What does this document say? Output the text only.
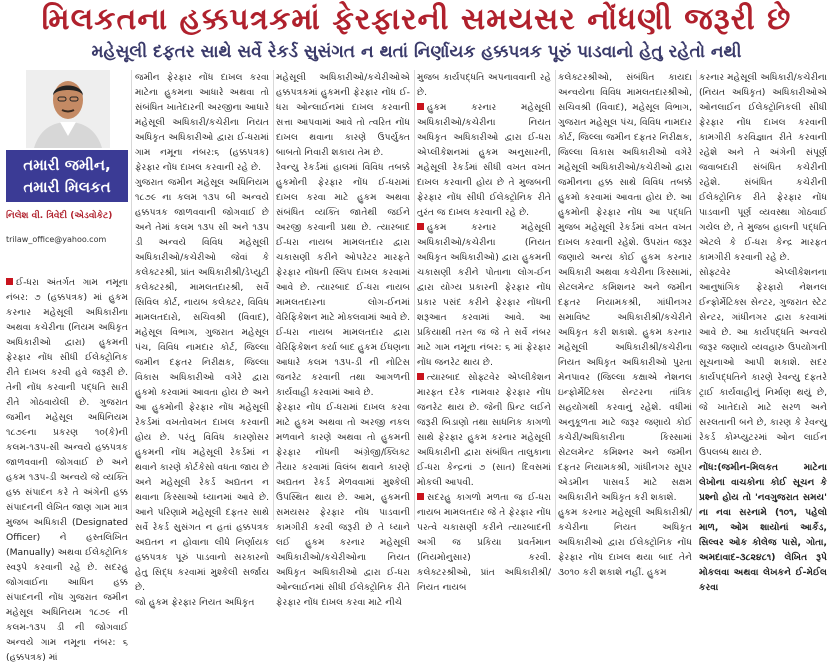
મિલકતના હક્કપત્રકમાં ફેરફારની સમયસર નોંધણી જરૂરી છે
મહેસૂલી દફતર સાથે સર્વે રેકર્ડ સુસંગત ન થતાં નિર્ણાયક હક્કપત્રક પૂરું પાડવાનો હેતુ રહેતો નથી
તમારી જમીન, તમારી મિલકત
નિલેશ વી. ત્રિવેદી (એડવોકેટ)
trilaw_office@yahoo.com

ઈ-ધરા અંતર્ગત ગામ નમૂના નંબર: ૭ (હક્કપત્રક) માં હુકમ કરનાર મહેસૂલી અધિકારીના અથવા કચેરીના (નિયમ અધિકૃત અધિકારીઓ દ્વારા) હુકમની ફેરફાર નોંધ સીધી ઈલેક્ટ્રોનિક રીતે દાખલ કરવી હવે જરૂરી છે. તેની નોંધ કરવાની પદ્ધતિ સારી રીતે ગોઠવાયેલી છે. ગુજરાત જમીન મહેસૂલ અધિનિયમ ૧૮૭૯ના પ્રકરણ ૧૦(કે)ની કલમ-૧૩૫-સી અન્વયે હક્કપત્રક જાળવવાની જોગવાઈ છે અને હકમ ૧૩૫-ડી અન્વયે જે વ્યક્તિ હક્ક સંપાદન કરે તે અંગેની હક્ક સંપાદનની લેખિત જાણ ગામ માત્ર મુજબ અધિકારી (Designated Officer) ને હસ્તલિખિત (Manually) અથવા ઈલેક્ટ્રોનિક સ્વરૂપે કરવાની રહે છે. સદરહુ જોગવાઈના આધિન હક્ક સંપાદનની નોંધ ગુજરાત જમીન મહેસૂલ અધિનિયમ ૧૮૭૯ ની કલમ-૧૩૫ ડી ની જોગવાઈ અન્વયે ગામ નમૂના નંબર: ૬ (હક્કપત્રક) માં

જમીન ફેરફાર નોંધ દાખલ કરવા માટેના હુકમના આધારે અથવા તો સંબંધિત ખાતેદારની અરજીના આધારે મહેસૂલી અધિકારી/કચેરીના નિયત અધિકૃત અધિકારીઓ દ્વારા ઈ-ધરામાં ગામ નમૂના નંબર:૬ (હક્કપત્રક) ફેરફાર નોંધ દાખલ કરવાની રહે છે.

ગુજરાત જમીન મહેસૂલ અધિનિયમ ૧૮૭૯ ના કલમ ૧૩૫ બી અન્વયે હક્કપત્રક જાળવવાની જોગવાઈ છે અને તેમાં કલમ ૧૩૫ સી અને ૧૩૫ ડી અન્વયે વિવિધ મહેસૂલી અધિકારીઓ/કચેરીઓ જેવાં કે કલેક્ટરશ્રી, પ્રાંત અધિકારીશ્રી/ડેપ્યુટી કલેક્ટરશ્રી, મામલતદારશ્રી, સર્વે સિવિલ કોર્ટ, નાયબ કલેક્ટર, વિવિધ મામલતદારો, સચિવશ્રી (વિવાદ), મહેસૂલ વિભાગ, ગુજરાત મહેસૂલ પંચ, વિવિધ નામદાર કોર્ટ, જિલ્લા જમીન દફતર નિરીક્ષક, જિલ્લા વિકાસ અધિકારીઓ વગેરે દ્વારા હુકમો કરવામાં આવતા હોય છે અને આ હુકમોની ફેરફાર નોંધ મહેસૂલી રેકર્ડમાં વખતોવખત દાખલ કરવાની હોય છે. પરંતુ વિવિધ કારણોસર હુકમની નોંધ મહેસૂલી રેકર્ડમાં ન થવાને કારણે કોર્ટકેસો વધતા જાય છે અને મહેસૂલી રેકર્ડ અદ્યતન ન થવાના કિસ્સાઓ ધ્યાનમાં આવે છે. આને પરિણામે મહેસૂલી દફતર સાથે સર્વે રેકર્ડ સુસંગત ન હતાં હક્કપત્રક અદ્યતન ન હોવાના લીધે નિર્ણાયક હક્કપત્રક પૂરું પાડવાનો સરકારનો હેતુ સિદ્ધ કરવામાં મુશ્કેલી સર્જાય છે.

જો હુકમ ફેરફાર નિયત અધિકૃત

મહેસૂલી અધિકારીઓ/કચેરીઓએ હક્કપત્રકમાં હુકમની ફેરફાર નોંધ ઈ-ધરા ઓન્લાઈનમાં દાખલ કરવાની સત્તા આપવામાં આવે તો ત્વરિત નોંધ દાખલ થવાના કારણે ઉપર્યુક્ત બાબતો નિવારી શકાય તેમ છે.

રેવન્યુ રેકર્ડમાં હાલમાં વિવિધ તબક્કે હુકમોની ફેરફાર નોંધ ઈ-ધરામાં દાખલ કરવા માટે હુકમ અથવા સંબંધિત વ્યક્તિ જાતેથી જઈને અરજી કરવાની પ્રથા છે. ત્યારબાદ ઈ-ધરા નાયબ મામલતદાર દ્વારા ચકાસણી કરીને ઓપરેટર મારફતે ફેરફાર નોંધની સ્લિપ દાખલ કરવામાં આવે છે. ત્યારબાદ ઈ-ધરા નાયબ મામલતદારના લોગ-ઈનમાં વેરિફિકેશન માટે મોકલવામાં આવે છે. ઈ-ધરા નાયબ મામલતદાર દ્વારા વેરિફિકેશન કર્યા બાદ હુકમ ઈંધણના આધારે કલમ ૧૩૫-ડી ની નોટિસ જનરેટ કરવાની તથા આગળની કાર્યવાહી કરવામાં આવે છે.

ફેરફાર નોંધ ઈ-ધરામાં દાખલ કરવા માટે હુકમ અથવા તો અરજી નકલ મળવાને કારણે અથવા તો હુકમની ફેરફાર નોંધની અંગ્રેજી/ક્લિક્ટ તૈયાર કરવામાં વિલંબ થવાને કારણે અદ્યતન રેકર્ડ મેળવવામાં મુશ્કેલી ઉપસ્થિત થાય છે. આમ, હુકમની સમયસર ફેરફાર નોંધ પાડવાની કામગીરી કરવી જરૂરી છે તે ધ્યાને લઈ હુકમ કરનાર મહેસૂલી અધિકારીઓ/કચેરીઓના નિયત અધિકૃત અધિકારીઓ દ્વારા ઈ-ધરા ઓન્લાઈનમાં સીધી ઈલેક્ટ્રોનિક રીતે ફેરફાર નોંધ દાખલ કરવા માટે નીચે

મુજબ કાર્યપદ્ધતિ અપનાવવાની રહે છે.

હુકમ કરનાર મહેસૂલી અધિકારીઓ/કચેરીના નિયત અધિકૃત અધિકારીઓ દ્વારા ઈ-ધરા એપ્લીકેશનમાં હુકમ અનુસારની, મહેસૂલી રેકર્ડમાં સીધી વખત વખત દાખલ કરવાની હોય છે તે મુજબની ફેરફાર નોંધ સીધી ઈલેક્ટ્રોનિક રીતે તુરંત જ દાખલ કરવાની રહે છે.

હુકમ કરનાર મહેસૂલી અધિકારીઓ/કચેરીના (નિયત અધિકૃત અધિકારીઓ) દ્વારા હુકમની ચકાસણી કરીને પોતાના લોગ-ઈન દ્વારા યોગ્ય પ્રકારની ફેરફાર નોંધ પ્રકાર પસંદ કરીને ફેરફાર નોંધની શરૂઆત કરવામાં આવે. આ પ્રકિયાથી તરત જ જે તે સર્વે નંબર માટે ગામ નમૂના નંબર: ૬ માં ફેરફાર નોંધ જનરેટ થાય છે.

ત્યારબાદ સોફ્ટવેર એપ્લીકેશન મારફત દરેક નામવાર ફેરફાર નોંધ જનરેટ થાય છે. જેની પ્રિન્ટ લઈને જરૂરી બિડાણો તથા સાધનિક કાગળો સાથે ફેરફાર હુકમ કરનાર મહેસૂલી અધિકારીની દ્વારા સંબંધિત તાલુકાના ઈ-ધરા કેન્દ્રનાં ૭ (સાત) દિવસમાં મોકલી આપવી.

સદરહુ કાગળો મળતા જ ઈ-ધરા નાયબ મામલતદાર જે તે ફેરફાર નોંધ પરત્વે ચકાસણી કરીને ત્યારબાદની અગી જ પ્રકિયા પ્રવર્તમાન (નિયમોનુસાર) કરવી. કલેક્ટરશ્રીઓ, પ્રાંત અધિકારીશ્રી/નિયત નાયબ

કલેક્ટરશ્રીઓ, સંબંધિત કાયદા અન્વયેના વિવિધ મામલતદારશ્રીઓ, સચિવશ્રી (વિવાદ), મહેસૂલ વિભાગ, ગુજરાત મહેસૂલ પંચ, વિવિધ નામદાર કોર્ટ, જિલ્લા જમીન દફતર નિરીક્ષક, જિલ્લા વિકાસ અધિકારીઓ વગેરે મહેસૂલી અધિકારીઓ/કચેરીઓ દ્વારા જમીનના હક્ક સાથે વિવિધ તબક્કે હુકમો કરવામાં આવતા હોય છે. આ હુકમોની ફેરફાર નોંધ આ પદ્ધતિ મુજબ મહેસૂલી રેકર્ડમાં વખત વખત દાખલ કરવાની રહેશે. ઉપરાંત જરૂર જણાયે અન્ય કોઈ હુકમ કરનાર અધિકારી અથવા કચેરીના કિસ્સામાં, સેટલમેન્ટ કમિશનર અને જમીન દફતર નિયામકશ્રી, ગાંધીનગર સમાવિષ્ટ અધિકારીશ્રી/કચેરીને અધિકૃત કરી શકાશે. હુકમ કરનાર મહેસૂલી અધિકારીશ્રી/કચેરીના નિયત અધિકૃત અધિકારીઓ પુરતા મેનપાવર (જિલ્લા કક્ષાએ નેશનલ ઇન્ફોર્મેટિક્સ સેન્ટરના તાંત્રિક સહયોગથી કરવાનું રહેશે. વધીમાં અનુકૂળતા માટે જરૂર જણાયે કોઈ કચેરી/અધિકારીના કિસ્સામાં સેટલમેન્ટ કમિશ્નર અને જમીન દફતર નિયામકશ્રી, ગાંધીનગર સૂપર એડમીન પાસવર્ડ માટે સક્ષમ અધિકારીને અધિકૃત કરી શકાશે.

હુકમ કરનાર મહેસૂલી અધિકારીશ્રી/કચેરીના નિયત અધિકૃત અધિકારીઓ દ્વારા ઈલેક્ટ્રોનિક નોંધ ફેરફાર નોંધ દાખલ થયા બાદ તેને ૩૦૧૦ કરી શકાશે નહીં. હુકમ

કરનાર મહેસૂલી અધિકારી/કચેરીના (નિયત અધિકૃત) અધિકારીઓએ ઓનલાઈન ઈલેક્ટ્રોનિકલી સીધી ફેરફાર નોંધ દાખલ કરવાની કામગીરી કરવિજ્ઞાત રીતે કરવાની રહેશે અને તે અંગેની સંપૂર્ણ જવાબદારી સંબંધિત કચેરીની રહેશે. સંબંધિત કચેરીની ઈલેક્ટ્રોનિક રીતે ફેરફાર નોંધ પાડવાની પૂર્ણ વ્યવસ્થા ગોઠવાઈ ગયેલ છે, તે મુજબ હાલની પદ્ધતિ એટલે કે ઈ-ધરા કેન્દ્ર મારફત કામગીરી કરવાની રહે છે.

સોફ્ટવેર એપ્લીકેશનના આનુષાંગિક ફેરફારો નેશનલ ઈન્ફોર્મેટિક્સ સેન્ટર, ગુજરાત સ્ટેટ સેન્ટર, ગાંધીનગર દ્વારા કરવામાં આવે છે. આ કાર્યપદ્ધતિ અન્વયે જરૂર જણાયે વ્યવહારુ ઉપયોગની સૂચનાઓ આપી શકાશે. સદર કાર્યપદ્ધતિને કારણે રેવન્યુ દફતરે ટ્રાઈ કાર્યવાહીનું નિર્માણ થયું છે, જે ખાતેદારો માટે સરળ અને સરલતાની બને છે, કારણ કે રેવન્યુ રેકર્ડ કોમ્પ્યુટરમાં ઓન લાઈન ઉપલબ્ધ થાય છે.

નોંધ:(જમીન-મિલકત માટેના લેખોના વાચકોના કોઈ સૂચન કે પ્રશ્નો હોય તો 'નવગુજરાત સમય' ના નવા સરનામે (૧૦૧, પહેલો માળ, ઓમ શાયોનાં આર્કેડ, સિલ્વર ઓક કોલેજ પાસે, ગોતા, અમદાવાદ-૩૮૨૪૮૧) લેખિત રૂપે મોકલવા અથવા લેખકને ઈ-મેઈલ કરવા
